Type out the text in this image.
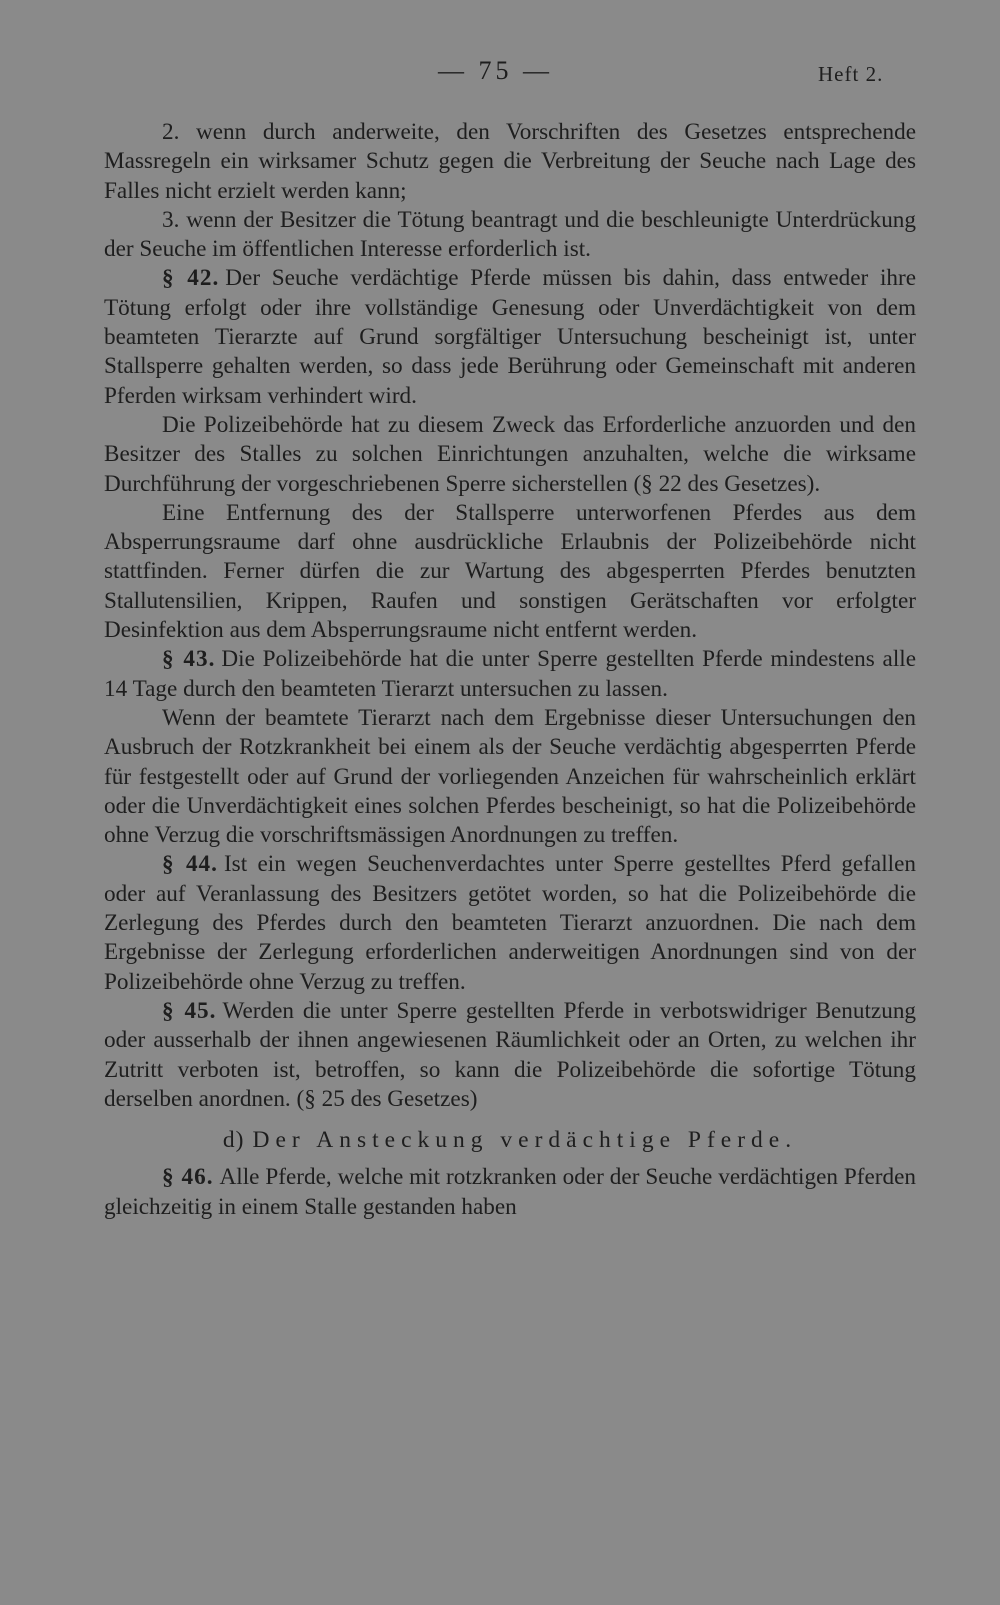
— 75 —	Heft 2.

2. wenn durch anderweite, den Vorschriften des Gesetzes entsprechende Massregeln ein wirksamer Schutz gegen die Verbreitung der Seuche nach Lage des Falles nicht erzielt werden kann;

3. wenn der Besitzer die Tötung beantragt und die beschleunigte Unterdrückung der Seuche im öffentlichen Interesse erforderlich ist.

§ 42. Der Seuche verdächtige Pferde müssen bis dahin, dass entweder ihre Tötung erfolgt oder ihre vollständige Genesung oder Unverdächtigkeit von dem beamteten Tierarzte auf Grund sorgfältiger Untersuchung bescheinigt ist, unter Stallsperre gehalten werden, so dass jede Berührung oder Gemeinschaft mit anderen Pferden wirksam verhindert wird.

Die Polizeibehörde hat zu diesem Zweck das Erforderliche anzuorden und den Besitzer des Stalles zu solchen Einrichtungen anzuhalten, welche die wirksame Durchführung der vorgeschriebenen Sperre sicherstellen (§ 22 des Gesetzes).

Eine Entfernung des der Stallsperre unterworfenen Pferdes aus dem Absperrungsraume darf ohne ausdrückliche Erlaubnis der Polizeibehörde nicht stattfinden. Ferner dürfen die zur Wartung des abgesperrten Pferdes benutzten Stallutensilien, Krippen, Raufen und sonstigen Gerätschaften vor erfolgter Desinfektion aus dem Absperrungsraume nicht entfernt werden.

§ 43. Die Polizeibehörde hat die unter Sperre gestellten Pferde mindestens alle 14 Tage durch den beamteten Tierarzt untersuchen zu lassen.

Wenn der beamtete Tierarzt nach dem Ergebnisse dieser Untersuchungen den Ausbruch der Rotzkrankheit bei einem als der Seuche verdächtig abgesperrten Pferde für festgestellt oder auf Grund der vorliegenden Anzeichen für wahrscheinlich erklärt oder die Unverdächtigkeit eines solchen Pferdes bescheinigt, so hat die Polizeibehörde ohne Verzug die vorschriftsmässigen Anordnungen zu treffen.

§ 44. Ist ein wegen Seuchenverdachtes unter Sperre gestelltes Pferd gefallen oder auf Veranlassung des Besitzers getötet worden, so hat die Polizeibehörde die Zerlegung des Pferdes durch den beamteten Tierarzt anzuordnen. Die nach dem Ergebnisse der Zerlegung erforderlichen anderweitigen Anordnungen sind von der Polizeibehörde ohne Verzug zu treffen.

§ 45. Werden die unter Sperre gestellten Pferde in verbotswidriger Benutzung oder ausserhalb der ihnen angewiesenen Räumlichkeit oder an Orten, zu welchen ihr Zutritt verboten ist, betroffen, so kann die Polizeibehörde die sofortige Tötung derselben anordnen. (§ 25 des Gesetzes)

d) Der Ansteckung verdächtige Pferde.

§ 46. Alle Pferde, welche mit rotzkranken oder der Seuche verdächtigen Pferden gleichzeitig in einem Stalle gestanden haben
